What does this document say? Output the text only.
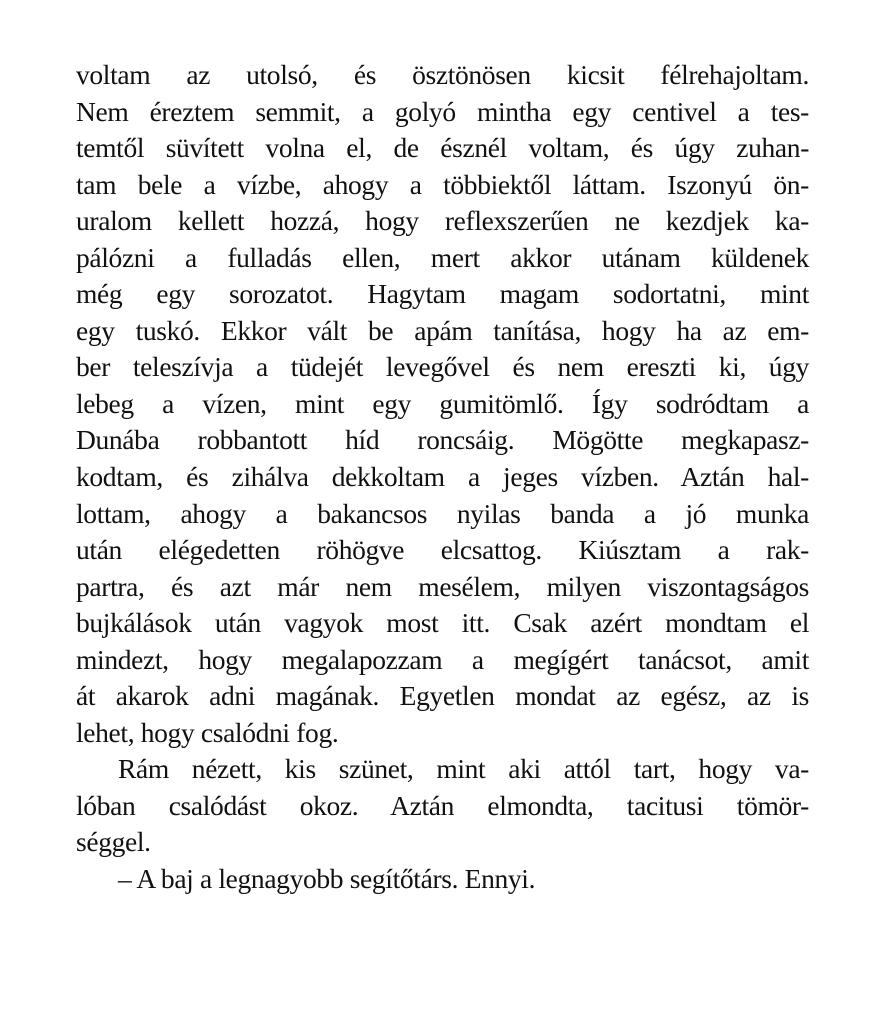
voltam az utolsó, és ösztönösen kicsit félrehajoltam.
Nem éreztem semmit, a golyó mintha egy centivel a tes-
temtől süvített volna el, de észnél voltam, és úgy zuhan-
tam bele a vízbe, ahogy a többiektől láttam. Iszonyú ön-
uralom kellett hozzá, hogy reflexszerűen ne kezdjek ka-
pálózni a fulladás ellen, mert akkor utánam küldenek
még egy sorozatot. Hagytam magam sodortatni, mint
egy tuskó. Ekkor vált be apám tanítása, hogy ha az em-
ber teleszívja a tüdejét levegővel és nem ereszti ki, úgy
lebeg a vízen, mint egy gumitömlő. Így sodródtam a
Dunába robbantott híd roncsáig. Mögötte megkapasz-
kodtam, és zihálva dekkoltam a jeges vízben. Aztán hal-
lottam, ahogy a bakancsos nyilas banda a jó munka
után elégedetten röhögve elcsattog. Kiúsztam a rak-
partra, és azt már nem mesélem, milyen viszontagságos
bujkálások után vagyok most itt. Csak azért mondtam el
mindezt, hogy megalapozzam a megígért tanácsot, amit
át akarok adni magának. Egyetlen mondat az egész, az is
lehet, hogy csalódni fog.
Rám nézett, kis szünet, mint aki attól tart, hogy va-
lóban csalódást okoz. Aztán elmondta, tacitusi tömör-
séggel.
– A baj a legnagyobb segítőtárs. Ennyi.
